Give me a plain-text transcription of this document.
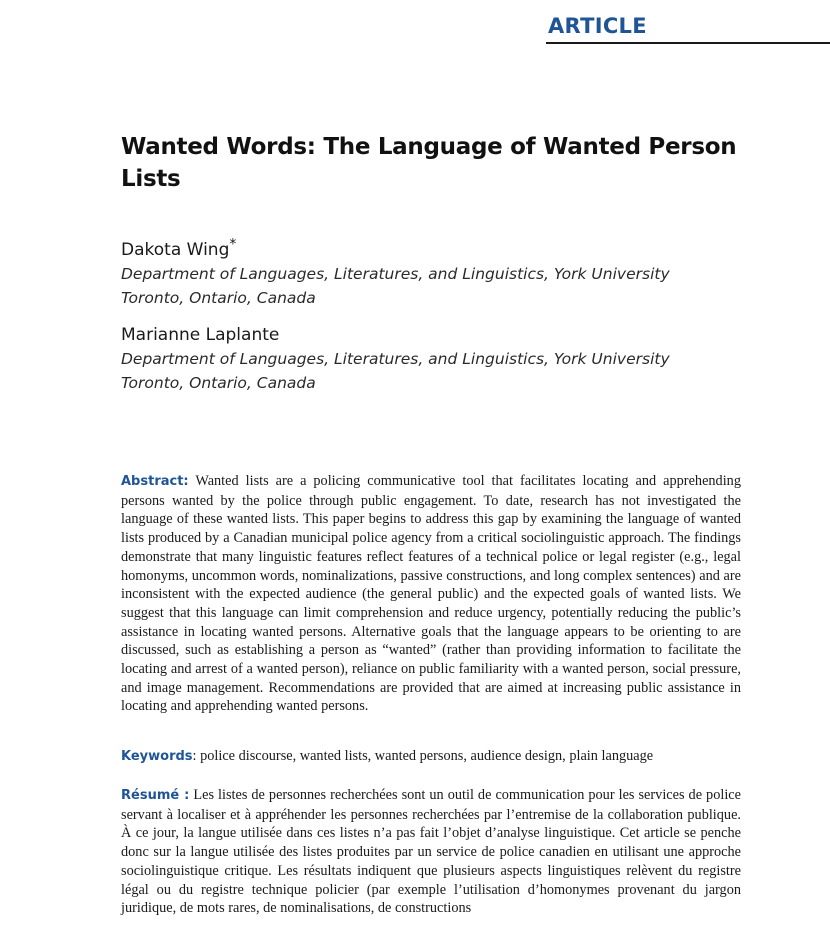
ARTICLE
Wanted Words: The Language of Wanted Person Lists
Dakota Wing*
Department of Languages, Literatures, and Linguistics, York University
Toronto, Ontario, Canada
Marianne Laplante
Department of Languages, Literatures, and Linguistics, York University
Toronto, Ontario, Canada

Abstract: Wanted lists are a policing communicative tool that facilitates locating and apprehending persons wanted by the police through public engagement. To date, research has not investigated the language of these wanted lists. This paper begins to address this gap by examining the language of wanted lists produced by a Canadian municipal police agency from a critical sociolinguistic approach. The findings demonstrate that many linguistic features reflect features of a technical police or legal register (e.g., legal homonyms, uncommon words, nominalizations, passive constructions, and long complex sentences) and are inconsistent with the expected audience (the general public) and the expected goals of wanted lists. We suggest that this language can limit comprehension and reduce urgency, potentially reducing the public’s assistance in locating wanted persons. Alternative goals that the language appears to be orienting to are discussed, such as establishing a person as “wanted” (rather than providing information to facilitate the locating and arrest of a wanted person), reliance on public familiarity with a wanted person, social pressure, and image management. Recommendations are provided that are aimed at increasing public assistance in locating and apprehending wanted persons.

Keywords: police discourse, wanted lists, wanted persons, audience design, plain language

Résumé : Les listes de personnes recherchées sont un outil de communication pour les services de police servant à localiser et à appréhender les personnes recherchées par l’entremise de la collaboration publique. À ce jour, la langue utilisée dans ces listes n’a pas fait l’objet d’analyse linguistique. Cet article se penche donc sur la langue utilisée des listes produites par un service de police canadien en utilisant une approche sociolinguistique critique. Les résultats indiquent que plusieurs aspects linguistiques relèvent du registre légal ou du registre technique policier (par exemple l’utilisation d’homonymes provenant du jargon juridique, de mots rares, de nominalisations, de constructions
